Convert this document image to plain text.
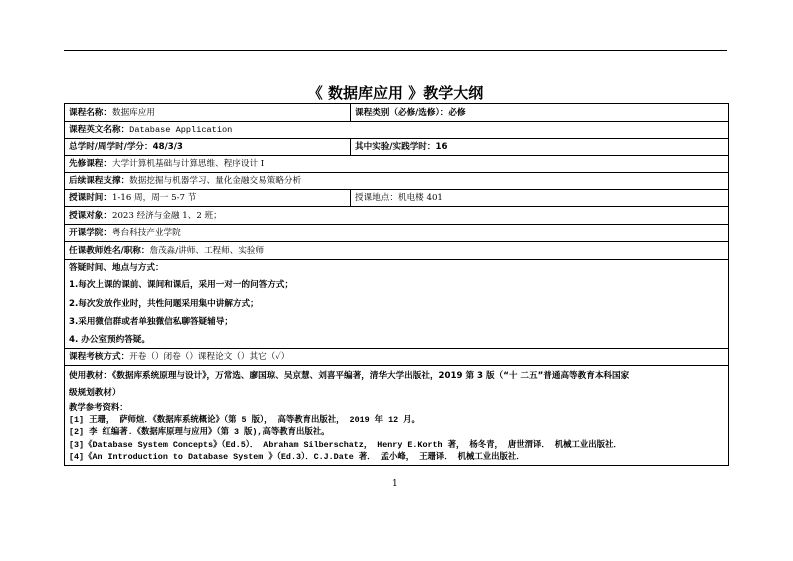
《 数据库应用 》教学大纲
课程名称：数据库应用	课程类别（必修/选修）：必修
课程英文名称：Database Application	
总学时/周学时/学分：48/3/3	其中实验/实践学时：16
先修课程：大学计算机基础与计算思维、程序设计 I	
后续课程支撑：数据挖掘与机器学习、量化金融交易策略分析	
授课时间：1-16 周，周一 5-7 节	授课地点：机电楼 401
授课对象：2023 经济与金融 1、2 班；	
开课学院：粤台科技产业学院	
任课教师姓名/职称：詹茂淼/讲师、工程师、实验师	

答疑时间、地点与方式：
1.每次上课的课前、课间和课后，采用一对一的问答方式；
2.每次发放作业时，共性问题采用集中讲解方式；
3.采用微信群或者单独微信私聊答疑辅导；
4. 办公室预约答疑。	

课程考核方式：开卷（）闭卷（）课程论文（）其它（✓）	

使用教材：《数据库系统原理与设计》，万常选、廖国琼、吴京慧、刘喜平编著，清华大学出版社，2019 第 3 版（“十 二五”普通高等教育本科国家
级规划教材）
教学参考资料：
[1] 王珊， 萨师煊．《数据库系统概论》（第 5 版）， 高等教育出版社， 2019 年 12 月。
[2] 李 红编著.《数据库原理与应用》（第 3 版),高等教育出版社。
[3]《Database System Concepts》（Ed.5）． Abraham Silberschatz， Henry E.Korth 著， 杨冬青， 唐世渭译． 机械工业出版社．
[4]《An Introduction to Database System 》（Ed.3）．C.J.Date 著． 孟小峰， 王珊译． 机械工业出版社．
1
